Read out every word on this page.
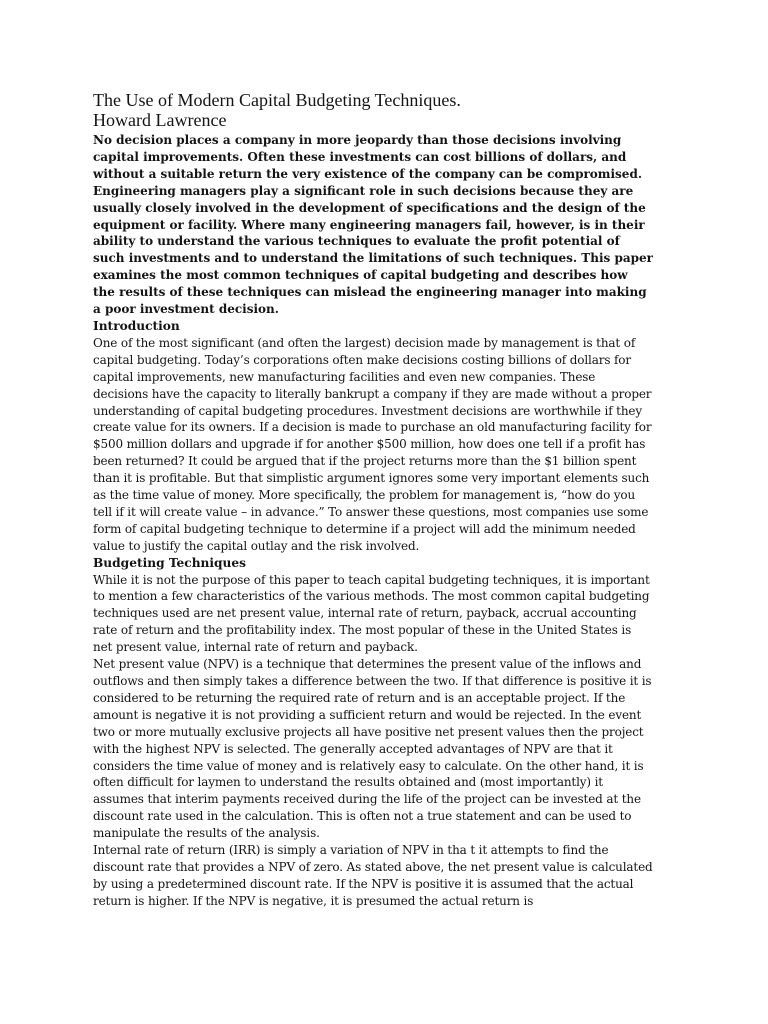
The Use of Modern Capital Budgeting Techniques.
Howard Lawrence

No decision places a company in more jeopardy than those decisions involving capital improvements. Often these investments can cost billions of dollars, and without a suitable return the very existence of the company can be compromised. Engineering managers play a significant role in such decisions because they are usually closely involved in the development of specifications and the design of the equipment or facility. Where many engineering managers fail, however, is in their ability to understand the various techniques to evaluate the profit potential of such investments and to understand the limitations of such techniques. This paper examines the most common techniques of capital budgeting and describes how the results of these techniques can mislead the engineering manager into making a poor investment decision.

Introduction

One of the most significant (and often the largest) decision made by management is that of capital budgeting. Today’s corporations often make decisions costing billions of dollars for capital improvements, new manufacturing facilities and even new companies. These decisions have the capacity to literally bankrupt a company if they are made without a proper understanding of capital budgeting procedures. Investment decisions are worthwhile if they create value for its owners. If a decision is made to purchase an old manufacturing facility for $500 million dollars and upgrade if for another $500 million, how does one tell if a profit has been returned? It could be argued that if the project returns more than the $1 billion spent than it is profitable. But that simplistic argument ignores some very important elements such as the time value of money. More specifically, the problem for management is, “how do you tell if it will create value – in advance.” To answer these questions, most companies use some form of capital budgeting technique to determine if a project will add the minimum needed value to justify the capital outlay and the risk involved.

Budgeting Techniques

While it is not the purpose of this paper to teach capital budgeting techniques, it is important to mention a few characteristics of the various methods. The most common capital budgeting techniques used are net present value, internal rate of return, payback, accrual accounting rate of return and the profitability index. The most popular of these in the United States is net present value, internal rate of return and payback.

Net present value (NPV) is a technique that determines the present value of the inflows and outflows and then simply takes a difference between the two. If that difference is positive it is considered to be returning the required rate of return and is an acceptable project. If the amount is negative it is not providing a sufficient return and would be rejected. In the event two or more mutually exclusive projects all have positive net present values then the project with the highest NPV is selected. The generally accepted advantages of NPV are that it considers the time value of money and is relatively easy to calculate. On the other hand, it is often difficult for laymen to understand the results obtained and (most importantly) it assumes that interim payments received during the life of the project can be invested at the discount rate used in the calculation. This is often not a true statement and can be used to manipulate the results of the analysis.

Internal rate of return (IRR) is simply a variation of NPV in tha t it attempts to find the discount rate that provides a NPV of zero. As stated above, the net present value is calculated by using a predetermined discount rate. If the NPV is positive it is assumed that the actual return is higher. If the NPV is negative, it is presumed the actual return is
